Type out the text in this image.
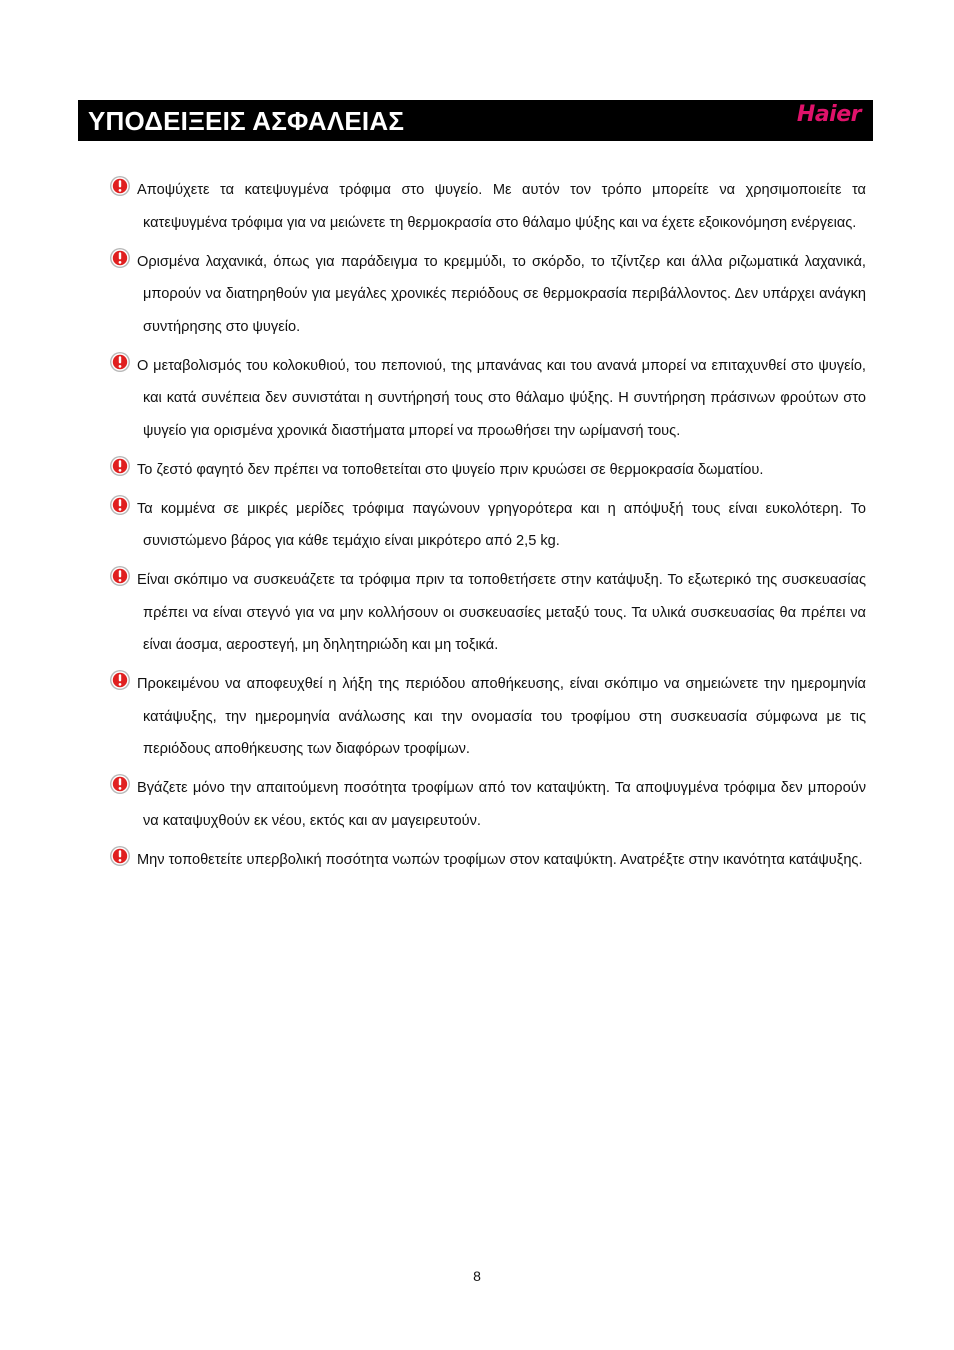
ΥΠΟΔΕΙΞΕΙΣ ΑΣΦΑΛΕΙΑΣ	Haier

Αποψύχετε τα κατεψυγμένα τρόφιμα στο ψυγείο. Με αυτόν τον τρόπο μπορείτε να χρησιμοποιείτε τα κατεψυγμένα τρόφιμα για να μειώνετε τη θερμοκρασία στο θάλαμο ψύξης και να έχετε εξοικονόμηση ενέργειας.

Ορισμένα λαχανικά, όπως για παράδειγμα το κρεμμύδι, το σκόρδο, το τζίντζερ και άλλα ριζωματικά λαχανικά, μπορούν να διατηρηθούν για μεγάλες χρονικές περιόδους σε θερμοκρασία περιβάλλοντος. Δεν υπάρχει ανάγκη συντήρησης στο ψυγείο.

Ο μεταβολισμός του κολοκυθιού, του πεπονιού, της μπανάνας και του ανανά μπορεί να επιταχυνθεί στο ψυγείο, και κατά συνέπεια δεν συνιστάται η συντήρησή τους στο θάλαμο ψύξης. Η συντήρηση πράσινων φρούτων στο ψυγείο για ορισμένα χρονικά διαστήματα μπορεί να προωθήσει την ωρίμανσή τους.

Το ζεστό φαγητό δεν πρέπει να τοποθετείται στο ψυγείο πριν κρυώσει σε θερμοκρασία δωματίου.

Τα κομμένα σε μικρές μερίδες τρόφιμα παγώνουν γρηγορότερα και η απόψυξή τους είναι ευκολότερη. Το συνιστώμενο βάρος για κάθε τεμάχιο είναι μικρότερο από 2,5 kg.

Είναι σκόπιμο να συσκευάζετε τα τρόφιμα πριν τα τοποθετήσετε στην κατάψυξη. Το εξωτερικό της συσκευασίας πρέπει να είναι στεγνό για να μην κολλήσουν οι συσκευασίες μεταξύ τους. Τα υλικά συσκευασίας θα πρέπει να είναι άοσμα, αεροστεγή, μη δηλητηριώδη και μη τοξικά.

Προκειμένου να αποφευχθεί η λήξη της περιόδου αποθήκευσης, είναι σκόπιμο να σημειώνετε την ημερομηνία κατάψυξης, την ημερομηνία ανάλωσης και την ονομασία του τροφίμου στη συσκευασία σύμφωνα με τις περιόδους αποθήκευσης των διαφόρων τροφίμων.

Βγάζετε μόνο την απαιτούμενη ποσότητα τροφίμων από τον καταψύκτη. Τα αποψυγμένα τρόφιμα δεν μπορούν να καταψυχθούν εκ νέου, εκτός και αν μαγειρευτούν.

Μην τοποθετείτε υπερβολική ποσότητα νωπών τροφίμων στον καταψύκτη. Ανατρέξτε στην ικανότητα κατάψυξης.

8
